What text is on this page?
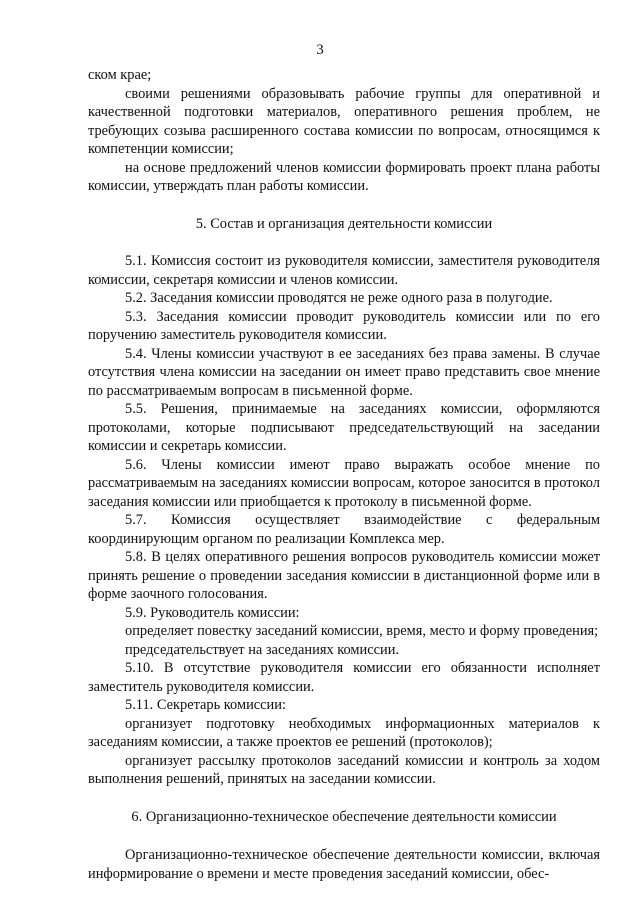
3

ском крае;

своими решениями образовывать рабочие группы для оперативной и качественной подготовки материалов, оперативного решения проблем, не требующих созыва расширенного состава комиссии по вопросам, относящимся к компетенции комиссии;

на основе предложений членов комиссии формировать проект плана работы комиссии, утверждать план работы комиссии.

5. Состав и организация деятельности комиссии

5.1. Комиссия состоит из руководителя комиссии, заместителя руководителя комиссии, секретаря комиссии и членов комиссии.

5.2. Заседания комиссии проводятся не реже одного раза в полугодие.

5.3. Заседания комиссии проводит руководитель комиссии или по его поручению заместитель руководителя комиссии.

5.4. Члены комиссии участвуют в ее заседаниях без права замены. В случае отсутствия члена комиссии на заседании он имеет право представить свое мнение по рассматриваемым вопросам в письменной форме.

5.5. Решения, принимаемые на заседаниях комиссии, оформляются протоколами, которые подписывают председательствующий на заседании комиссии и секретарь комиссии.

5.6. Члены комиссии имеют право выражать особое мнение по рассматриваемым на заседаниях комиссии вопросам, которое заносится в протокол заседания комиссии или приобщается к протоколу в письменной форме.

5.7. Комиссия осуществляет взаимодействие с федеральным координирующим органом по реализации Комплекса мер.

5.8. В целях оперативного решения вопросов руководитель комиссии может принять решение о проведении заседания комиссии в дистанционной форме или в форме заочного голосования.

5.9. Руководитель комиссии:

определяет повестку заседаний комиссии, время, место и форму проведения;

председательствует на заседаниях комиссии.

5.10. В отсутствие руководителя комиссии его обязанности исполняет заместитель руководителя комиссии.

5.11. Секретарь комиссии:

организует подготовку необходимых информационных материалов к заседаниям комиссии, а также проектов ее решений (протоколов);

организует рассылку протоколов заседаний комиссии и контроль за ходом выполнения решений, принятых на заседании комиссии.

6. Организационно-техническое обеспечение деятельности комиссии

Организационно-техническое обеспечение деятельности комиссии, включая информирование о времени и месте проведения заседаний комиссии, обес-
